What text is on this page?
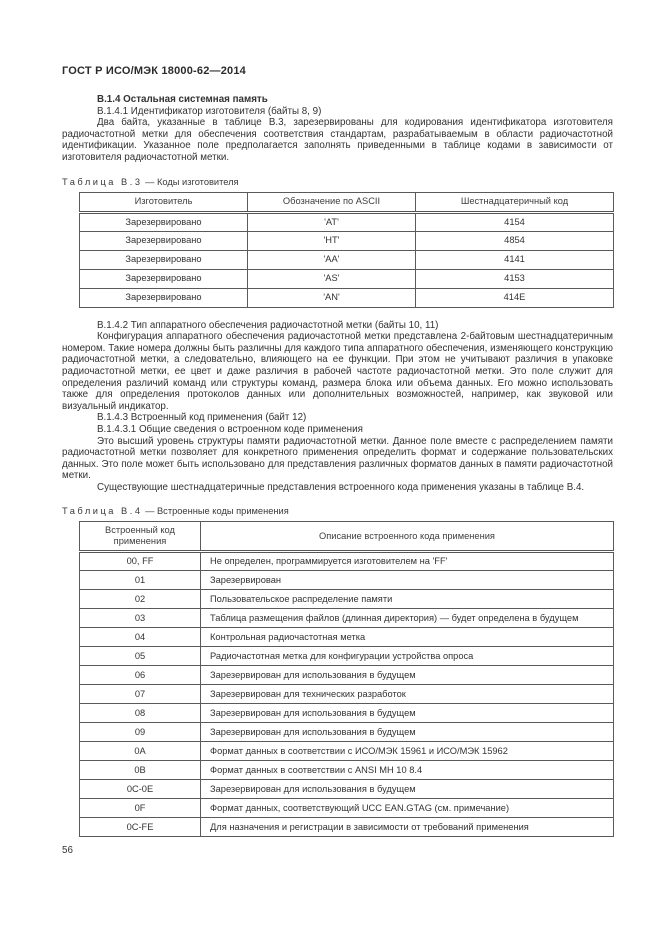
ГОСТ Р ИСО/МЭК 18000-62—2014

В.1.4 Остальная системная память

В.1.4.1 Идентификатор изготовителя (байты 8, 9)

Два байта, указанные в таблице В.3, зарезервированы для кодирования идентификатора изготовителя радиочастотной метки для обеспечения соответствия стандартам, разрабатываемым в области радиочастотной идентификации. Указанное поле предполагается заполнять приведенными в таблице кодами в зависимости от изготовителя радиочастотной метки.

Таблица В.3 — Коды изготовителя

Изготовитель	Обозначение по ASCII	Шестнадцатеричный код
Зарезервировано	'AT'	4154
Зарезервировано	'HT'	4854
Зарезервировано	'AA'	4141
Зарезервировано	'AS'	4153
Зарезервировано	'AN'	414E

В.1.4.2 Тип аппаратного обеспечения радиочастотной метки (байты 10, 11)

Конфигурация аппаратного обеспечения радиочастотной метки представлена 2-байтовым шестнадцатеричным номером. Такие номера должны быть различны для каждого типа аппаратного обеспечения, изменяющего конструкцию радиочастотной метки, а следовательно, влияющего на ее функции. При этом не учитывают различия в упаковке радиочастотной метки, ее цвет и даже различия в рабочей частоте радиочастотной метки. Это поле служит для определения различий команд или структуры команд, размера блока или объема данных. Его можно использовать также для определения протоколов данных или дополнительных возможностей, например, как звуковой или визуальный индикатор.

В.1.4.3 Встроенный код применения (байт 12)

В.1.4.3.1 Общие сведения о встроенном коде применения

Это высший уровень структуры памяти радиочастотной метки. Данное поле вместе с распределением памяти радиочастотной метки позволяет для конкретного применения определить формат и содержание пользовательских данных. Это поле может быть использовано для представления различных форматов данных в памяти радиочастотной метки.

Существующие шестнадцатеричные представления встроенного кода применения указаны в таблице В.4.

Таблица В.4 — Встроенные коды применения

Встроенный код применения	Описание встроенного кода применения
00, FF	Не определен, программируется изготовителем на 'FF'
01	Зарезервирован
02	Пользовательское распределение памяти
03	Таблица размещения файлов (длинная директория) — будет определена в будущем
04	Контрольная радиочастотная метка
05	Радиочастотная метка для конфигурации устройства опроса
06	Зарезервирован для использования в будущем
07	Зарезервирован для технических разработок
08	Зарезервирован для использования в будущем
09	Зарезервирован для использования в будущем
0A	Формат данных в соответствии с ИСО/МЭК 15961 и ИСО/МЭК 15962
0B	Формат данных в соответствии с ANSI MH 10 8.4
0C-0E	Зарезервирован для использования в будущем
0F	Формат данных, соответствующий UCC EAN.GTAG (см. примечание)
0C-FE	Для назначения и регистрации в зависимости от требований применения
56
